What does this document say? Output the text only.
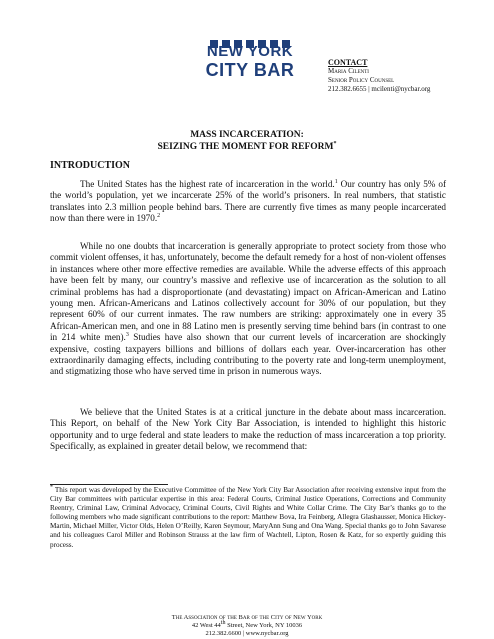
NEW YORK
CITY BAR	CONTACT
Maria Cilenti
Senior Policy Counsel
212.382.6655 | mcilenti@nycbar.org
MASS INCARCERATION:
SEIZING THE MOMENT FOR REFORM*
INTRODUCTION

The United States has the highest rate of incarceration in the world.$^1$ Our country has only 5% of the world’s population, yet we incarcerate 25% of the world’s prisoners. In real numbers, that statistic translates into 2.3 million people behind bars. There are currently five times as many people incarcerated now than there were in 1970.$^2$

While no one doubts that incarceration is generally appropriate to protect society from those who commit violent offenses, it has, unfortunately, become the default remedy for a host of non-violent offenses in instances where other more effective remedies are available. While the adverse effects of this approach have been felt by many, our country’s massive and reflexive use of incarceration as the solution to all criminal problems has had a disproportionate (and devastating) impact on African-American and Latino young men. African-Americans and Latinos collectively account for 30% of our population, but they represent 60% of our current inmates. The raw numbers are striking: approximately one in every 35 African-American men, and one in 88 Latino men is presently serving time behind bars (in contrast to one in 214 white men).$^3$ Studies have also shown that our current levels of incarceration are shockingly expensive, costing taxpayers billions and billions of dollars each year. Over-incarceration has other extraordinarily damaging effects, including contributing to the poverty rate and long-term unemployment, and stigmatizing those who have served time in prison in numerous ways.

We believe that the United States is at a critical juncture in the debate about mass incarceration. This Report, on behalf of the New York City Bar Association, is intended to highlight this historic opportunity and to urge federal and state leaders to make the reduction of mass incarceration a top priority. Specifically, as explained in greater detail below, we recommend that:

* This report was developed by the Executive Committee of the New York City Bar Association after receiving extensive input from the City Bar committees with particular expertise in this area: Federal Courts, Criminal Justice Operations, Corrections and Community Reentry, Criminal Law, Criminal Advocacy, Criminal Courts, Civil Rights and White Collar Crime. The City Bar’s thanks go to the following members who made significant contributions to the report: Matthew Bova, Ira Feinberg, Allegra Glashausser, Monica Hickey-Martin, Michael Miller, Victor Olds, Helen O’Reilly, Karen Seymour, MaryAnn Sung and Ona Wang. Special thanks go to John Savarese and his colleagues Carol Miller and Robinson Strauss at the law firm of Wachtell, Lipton, Rosen & Katz, for so expertly guiding this process.

The Association of the Bar of the City of New York
42 West 44th Street, New York, NY 10036
212.382.6600 | www.nycbar.org
